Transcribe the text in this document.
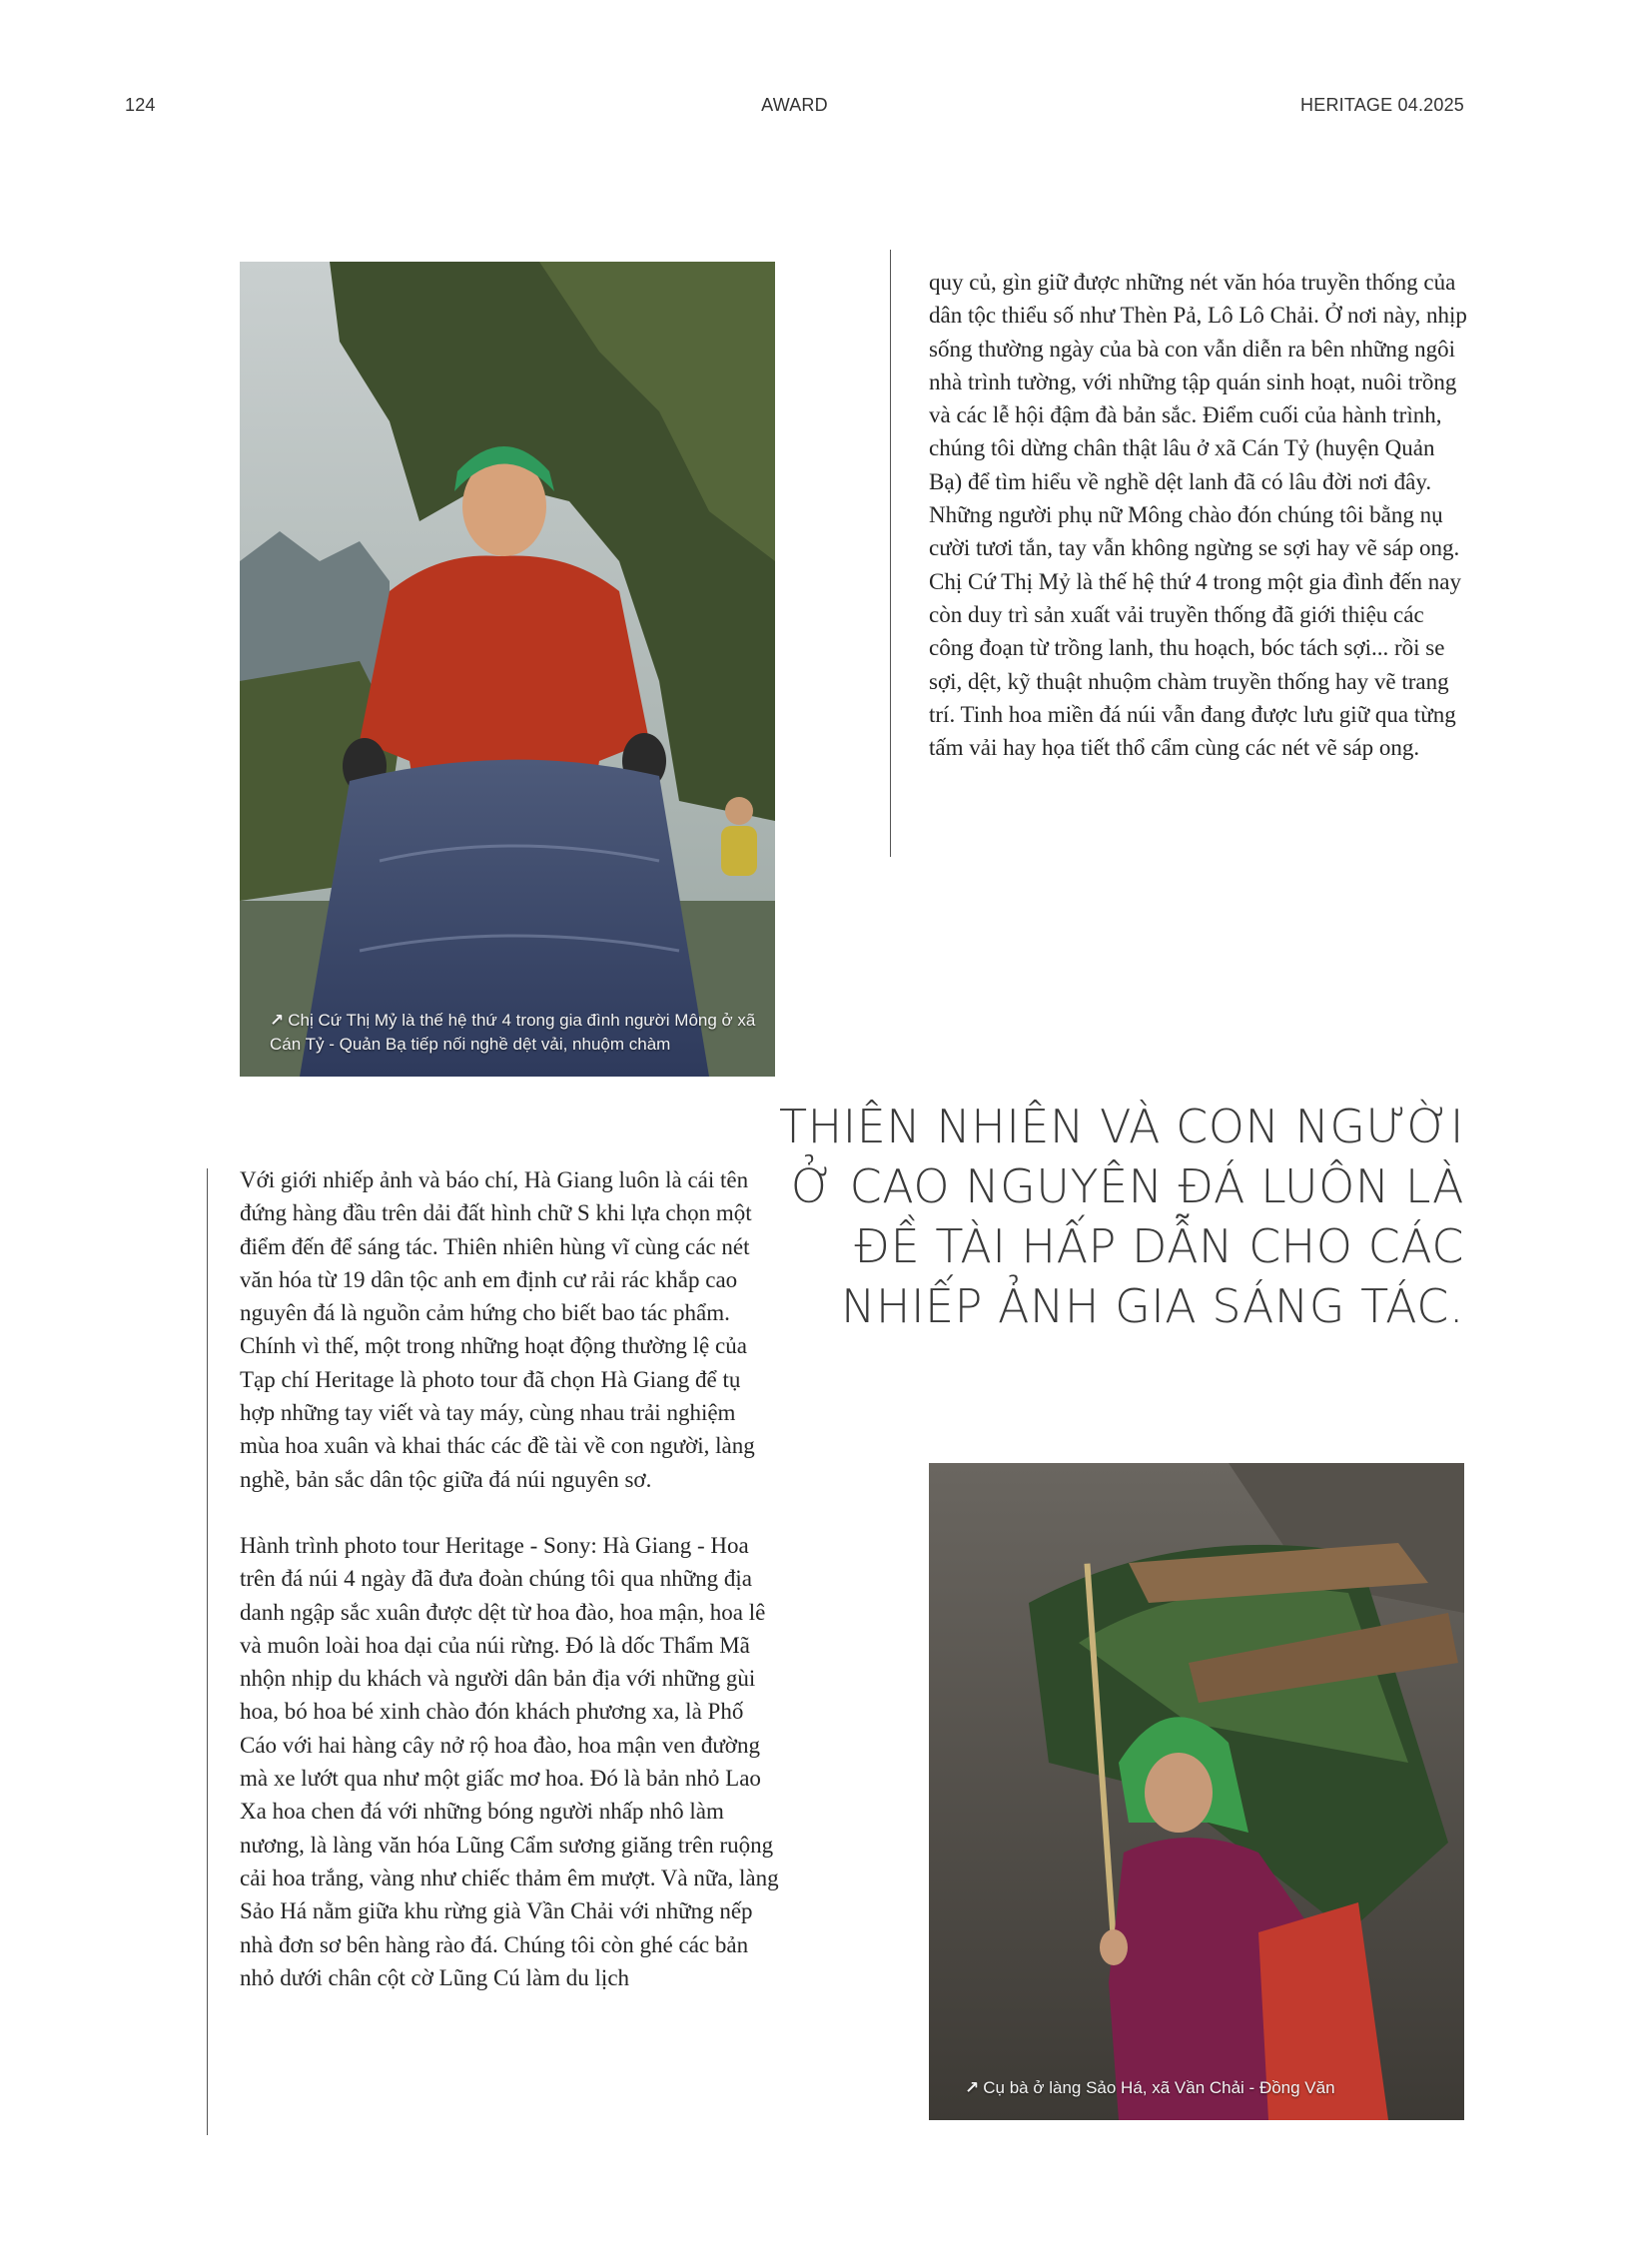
124	AWARD	HERITAGE 04.2025
↗ Chị Cứ Thị Mỷ là thế hệ thứ 4 trong gia đình người Mông ở xã Cán Tỷ - Quản Bạ tiếp nối nghề dệt vải, nhuộm chàm

quy củ, gìn giữ được những nét văn hóa truyền thống của dân tộc thiểu số như Thèn Pả, Lô Lô Chải. Ở nơi này, nhịp sống thường ngày của bà con vẫn diễn ra bên những ngôi nhà trình tường, với những tập quán sinh hoạt, nuôi trồng và các lễ hội đậm đà bản sắc. Điểm cuối của hành trình, chúng tôi dừng chân thật lâu ở xã Cán Tỷ (huyện Quản Bạ) để tìm hiểu về nghề dệt lanh đã có lâu đời nơi đây. Những người phụ nữ Mông chào đón chúng tôi bằng nụ cười tươi tắn, tay vẫn không ngừng se sợi hay vẽ sáp ong. Chị Cứ Thị Mỷ là thế hệ thứ 4 trong một gia đình đến nay còn duy trì sản xuất vải truyền thống đã giới thiệu các công đoạn từ trồng lanh, thu hoạch, bóc tách sợi... rồi se sợi, dệt, kỹ thuật nhuộm chàm truyền thống hay vẽ trang trí. Tinh hoa miền đá núi vẫn đang được lưu giữ qua từng tấm vải hay họa tiết thổ cẩm cùng các nét vẽ sáp ong.

THIÊN NHIÊN VÀ CON NGƯỜI Ở CAO NGUYÊN ĐÁ LUÔN LÀ ĐỀ TÀI HẤP DẪN CHO CÁC NHIẾP ẢNH GIA SÁNG TÁC.

Với giới nhiếp ảnh và báo chí, Hà Giang luôn là cái tên đứng hàng đầu trên dải đất hình chữ S khi lựa chọn một điểm đến để sáng tác. Thiên nhiên hùng vĩ cùng các nét văn hóa từ 19 dân tộc anh em định cư rải rác khắp cao nguyên đá là nguồn cảm hứng cho biết bao tác phẩm. Chính vì thế, một trong những hoạt động thường lệ của Tạp chí Heritage là photo tour đã chọn Hà Giang để tụ hợp những tay viết và tay máy, cùng nhau trải nghiệm mùa hoa xuân và khai thác các đề tài về con người, làng nghề, bản sắc dân tộc giữa đá núi nguyên sơ.

Hành trình photo tour Heritage - Sony: Hà Giang - Hoa trên đá núi 4 ngày đã đưa đoàn chúng tôi qua những địa danh ngập sắc xuân được dệt từ hoa đào, hoa mận, hoa lê và muôn loài hoa dại của núi rừng. Đó là dốc Thẩm Mã nhộn nhịp du khách và người dân bản địa với những gùi hoa, bó hoa bé xinh chào đón khách phương xa, là Phố Cáo với hai hàng cây nở rộ hoa đào, hoa mận ven đường mà xe lướt qua như một giấc mơ hoa. Đó là bản nhỏ Lao Xa hoa chen đá với những bóng người nhấp nhô làm nương, là làng văn hóa Lũng Cẩm sương giăng trên ruộng cải hoa trắng, vàng như chiếc thảm êm mượt. Và nữa, làng Sảo Há nằm giữa khu rừng già Vần Chải với những nếp nhà đơn sơ bên hàng rào đá. Chúng tôi còn ghé các bản nhỏ dưới chân cột cờ Lũng Cú làm du lịch

↗ Cụ bà ở làng Sảo Há, xã Vần Chải - Đồng Văn
